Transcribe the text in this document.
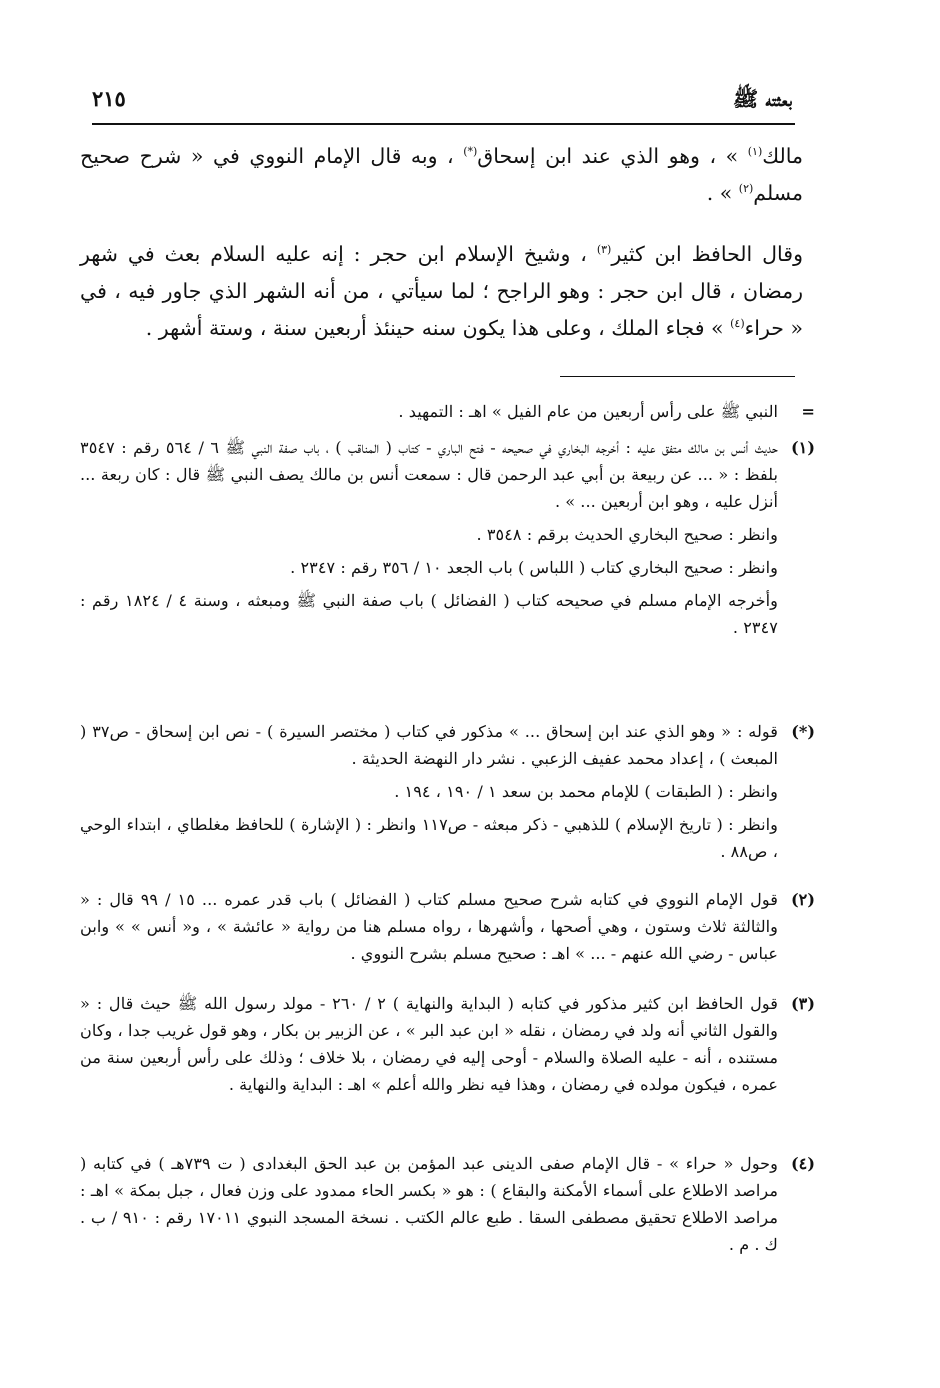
بعثته ﷺ
٢١٥

مالك$^{(١)}$ » ، وهو الذي عند ابن إسحاق(*) ، وبه قال الإمام النووي في « شرح صحيح مسلم$^{(٢)}$ » .

وقال الحافظ ابن كثير$^{(٣)}$ ، وشيخ الإسلام ابن حجر : إنه عليه السلام بعث في شهر رمضان ، قال ابن حجر : وهو الراجح ؛ لما سيأتي ، من أنه الشهر الذي جاور فيه ، في « حراء$^{(٤)}$ » فجاء الملك ، وعلى هذا يكون سنه حينئذ أربعين سنة ، وستة أشهر .

=

النبي ﷺ على رأس أربعين من عام الفيل » اهـ : التمهيد .

(١)

حديث أنس بن مالك متفق عليه : أخرجه البخاري في صحيحه - فتح الباري - كتاب ( المناقب ) ، باب صفة النبي ﷺ ٦ / ٥٦٤ رقم : ٣٥٤٧ بلفظ : « ... عن ربيعة بن أبي عبد الرحمن قال : سمعت أنس بن مالك يصف النبي ﷺ قال : كان ربعة ... أنزل عليه ، وهو ابن أربعين ... » .

وانظر : صحيح البخاري الحديث برقم : ٣٥٤٨ .

وانظر : صحيح البخاري كتاب ( اللباس ) باب الجعد ١٠ / ٣٥٦ رقم : ٢٣٤٧ .

وأخرجه الإمام مسلم في صحيحه كتاب ( الفضائل ) باب صفة النبي ﷺ ومبعثه ، وسنة ٤ / ١٨٢٤ رقم : ٢٣٤٧ .

(*)

قوله : « وهو الذي عند ابن إسحاق ... » مذكور في كتاب ( مختصر السيرة ) - نص ابن إسحاق - ص٣٧ ( المبعث ) ، إعداد محمد عفيف الزعبي . نشر دار النهضة الحديثة .

وانظر : ( الطبقات ) للإمام محمد بن سعد ١ / ١٩٠ ، ١٩٤ .

وانظر : ( تاريخ الإسلام ) للذهبي - ذكر مبعثه - ص١١٧ وانظر : ( الإشارة ) للحافظ مغلطاي ، ابتداء الوحي ، ص٨٨ .

(٢)

قول الإمام النووي في كتابه شرح صحيح مسلم كتاب ( الفضائل ) باب قدر عمره ... ١٥ / ٩٩ قال : « والثالثة ثلاث وستون ، وهي أصحها ، وأشهرها ، رواه مسلم هنا من رواية « عائشة » ، و« أنس » » وابن عباس - رضي الله عنهم - ... » اهـ : صحيح مسلم بشرح النووي .

(٣)

قول الحافظ ابن كثير مذكور في كتابه ( البداية والنهاية ) ٢ / ٢٦٠ - مولد رسول الله ﷺ حيث قال : « والقول الثاني أنه ولد في رمضان ، نقله « ابن عبد البر » ، عن الزبير بن بكار ، وهو قول غريب جدا ، وكان مستنده ، أنه - عليه الصلاة والسلام - أوحى إليه في رمضان ، بلا خلاف ؛ وذلك على رأس أربعين سنة من عمره ، فيكون مولده في رمضان ، وهذا فيه نظر والله أعلم » اهـ : البداية والنهاية .

(٤)

وحول « حراء » - قال الإمام صفى الدينى عبد المؤمن بن عبد الحق البغدادى ( ت ٧٣٩هـ ) في كتابه ( مراصد الاطلاع على أسماء الأمكنة والبقاع ) : هو « بكسر الحاء ممدود على وزن فعال ، جبل بمكة » اهـ : مراصد الاطلاع تحقيق مصطفى السقا . طبع عالم الكتب . نسخة المسجد النبوي ١٧٠١١ رقم : ٩١٠ / ب . ك . م .
